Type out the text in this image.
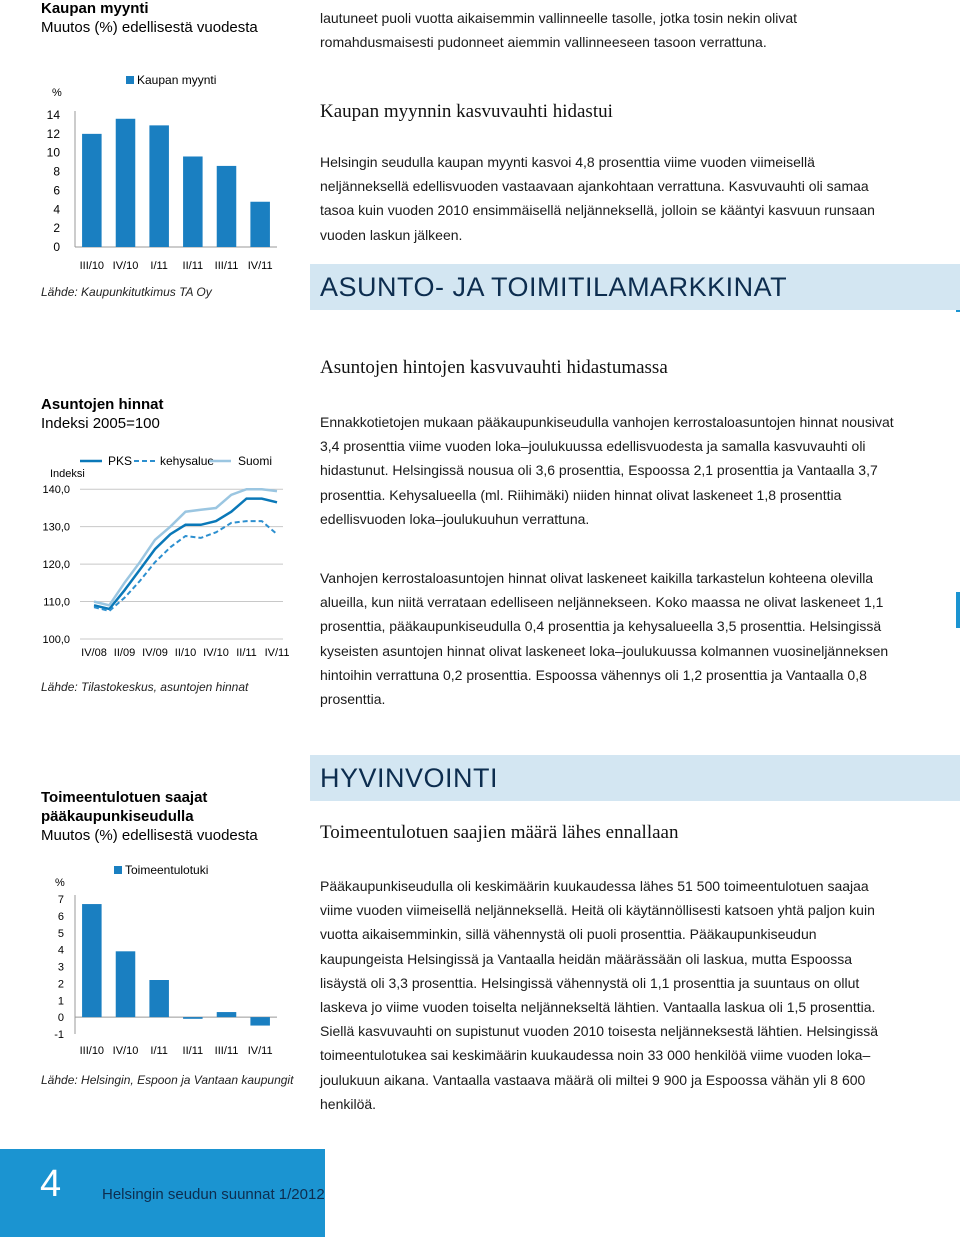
Kaupan myynti
Muutos (%) edellisestä vuodesta
%
14
12
10
8
6
4
2
0
Kaupan myynti
III/10 IV/10 I/11 II/11 III/11 IV/11
Lähde: Kaupunkitutkimus TA Oy
Asuntojen hinnat
Indeksi 2005=100
PKS kehysalue Suomi
Indeksi
140,0
130,0
120,0
110,0
100,0
IV/08 II/09 IV/09 II/10 IV/10 II/11 IV/11
Lähde: Tilastokeskus, asuntojen hinnat
Toimeentulotuen saajat
pääkaupunkiseudulla
Muutos (%) edellisestä vuodesta
%
7
6
5
4
3
2
1
0
-1
Toimeentulotuki
III/10 IV/10 I/11 II/11 III/11 IV/11
Lähde: Helsingin, Espoon ja Vantaan kaupungit

lautuneet puoli vuotta aikaisemmin vallinneelle tasolle, jotka tosin nekin olivat romahdusmaisesti pudonneet aiemmin vallinneeseen tasoon verrattuna.

Kaupan myynnin kasvuvauhti hidastui

Helsingin seudulla kaupan myynti kasvoi 4,8 prosenttia viime vuoden viimeisellä neljänneksellä edellisvuoden vastaavaan ajankohtaan verrattuna. Kasvuvauhti oli samaa tasoa kuin vuoden 2010 ensimmäisellä neljänneksellä, jolloin se kääntyi kasvuun runsaan vuoden laskun jälkeen.

ASUNTO- JA TOIMITILAMARKKINAT
Asuntojen hintojen kasvuvauhti hidastumassa

Ennakkotietojen mukaan pääkaupunkiseudulla vanhojen kerrostaloasuntojen hinnat nousivat 3,4 prosenttia viime vuoden loka–joulukuussa edellisvuodesta ja samalla kasvuvauhti oli hidastunut. Helsingissä nousua oli 3,6 prosenttia, Espoossa 2,1 prosenttia ja Vantaalla 3,7 prosenttia. Kehysalueella (ml. Riihimäki) niiden hinnat olivat laskeneet 1,8 prosenttia edellisvuoden loka–joulukuuhun verrattuna.

Vanhojen kerrostaloasuntojen hinnat olivat laskeneet kaikilla tarkastelun kohteena olevilla alueilla, kun niitä verrataan edelliseen neljännekseen. Koko maassa ne olivat laskeneet 1,1 prosenttia, pääkaupunkiseudulla 0,4 prosenttia ja kehysalueella 3,5 prosenttia. Helsingissä kyseisten asuntojen hinnat olivat laskeneet loka–joulukuussa kolmannen vuosineljänneksen hintoihin verrattuna 0,2 prosenttia. Espoossa vähennys oli 1,2 prosenttia ja Vantaalla 0,8 prosenttia.

HYVINVOINTI
Toimeentulotuen saajien määrä lähes ennallaan

Pääkaupunkiseudulla oli keskimäärin kuukaudessa lähes 51 500 toimeentulotuen saajaa viime vuoden viimeisellä neljänneksellä. Heitä oli käytännöllisesti katsoen yhtä paljon kuin vuotta aikaisemminkin, sillä vähennystä oli puoli prosenttia. Pääkaupunkiseudun kaupungeista Helsingissä ja Vantaalla heidän määrässään oli laskua, mutta Espoossa lisäystä oli 3,3 prosenttia. Helsingissä vähennystä oli 1,1 prosenttia ja suuntaus on ollut laskeva jo viime vuoden toiselta neljännekseltä lähtien. Vantaalla laskua oli 1,5 prosenttia. Siellä kasvuvauhti on supistunut vuoden 2010 toisesta neljänneksestä lähtien. Helsingissä toimeentulotukea sai keskimäärin kuukaudessa noin 33 000 henkilöä viime vuoden loka–joulukuun aikana. Vantaalla vastaava määrä oli miltei 9 900 ja Espoossa vähän yli 8 600 henkilöä.

4	Helsingin seudun suunnat 1/2012
